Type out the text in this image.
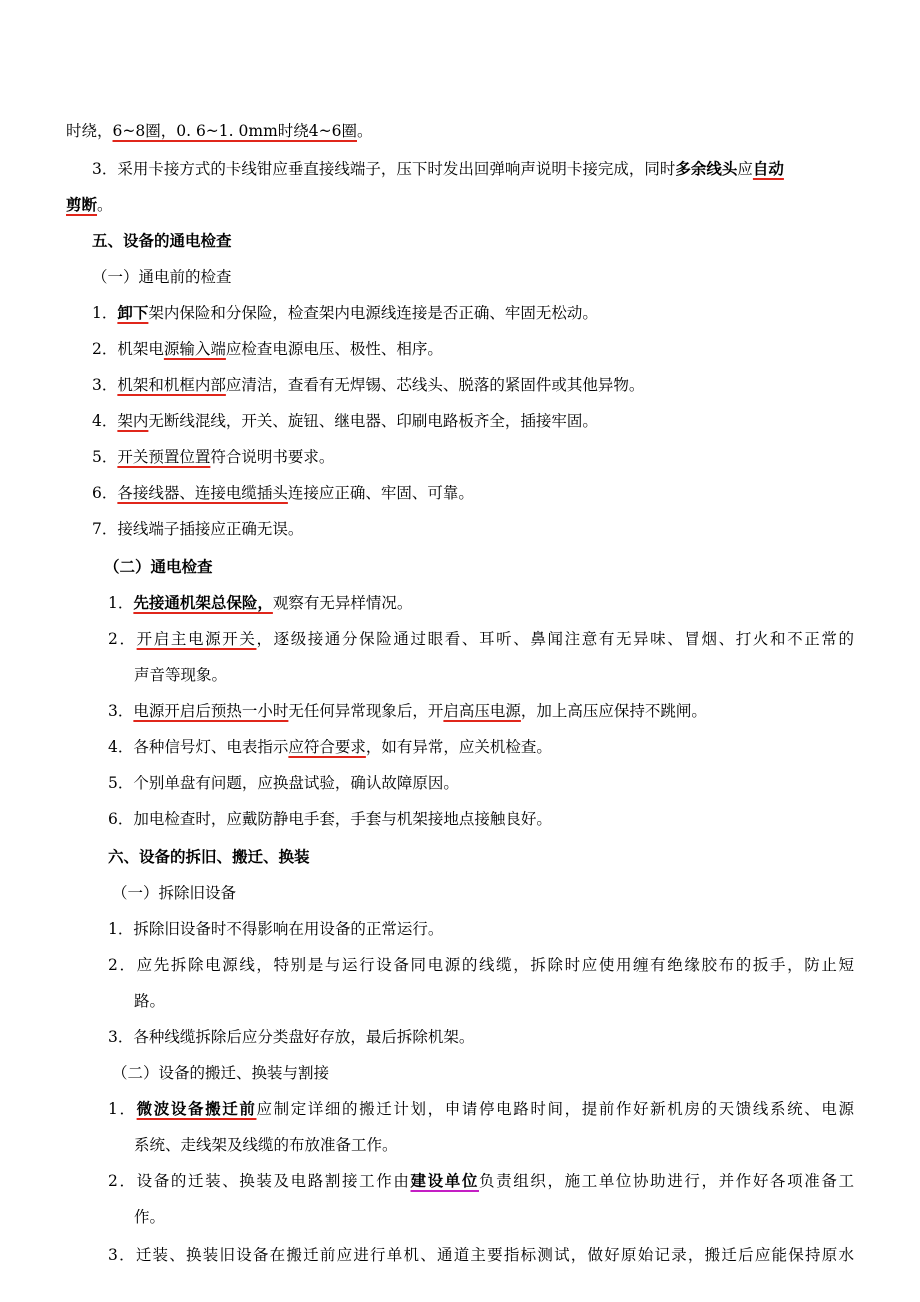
时绕，6~8圈，0. 6~1. 0mm时绕4~6圈。
3．采用卡接方式的卡线钳应垂直接线端子，压下时发出回弹响声说明卡接完成，同时多余线头应自动
剪断。
五、设备的通电检查
（一）通电前的检查
1．卸下架内保险和分保险，检查架内电源线连接是否正确、牢固无松动。
2．机架电源输入端应检查电源电压、极性、相序。
3．机架和机框内部应清洁，查看有无焊锡、芯线头、脱落的紧固件或其他异物。
4．架内无断线混线，开关、旋钮、继电器、印刷电路板齐全，插接牢固。
5．开关预置位置符合说明书要求。
6．各接线器、连接电缆插头连接应正确、牢固、可靠。
7．接线端子插接应正确无误。
（二）通电检查
1．先接通机架总保险，观察有无异样情况。
2．开启主电源开关，逐级接通分保险通过眼看、耳听、鼻闻注意有无异味、冒烟、打火和不正常的
声音等现象。
3．电源开启后预热一小时无任何异常现象后，开启高压电源，加上高压应保持不跳闸。
4．各种信号灯、电表指示应符合要求，如有异常，应关机检查。
5．个别单盘有问题，应换盘试验，确认故障原因。
6．加电检查时，应戴防静电手套，手套与机架接地点接触良好。
六、设备的拆旧、搬迁、换装
（一）拆除旧设备
1．拆除旧设备时不得影响在用设备的正常运行。
2．应先拆除电源线，特别是与运行设备同电源的线缆，拆除时应使用缠有绝缘胶布的扳手，防止短
路。
3．各种线缆拆除后应分类盘好存放，最后拆除机架。
（二）设备的搬迁、换装与割接
1．微波设备搬迁前应制定详细的搬迁计划，申请停电路时间，提前作好新机房的天馈线系统、电源
系统、走线架及线缆的布放准备工作。
2．设备的迁装、换装及电路割接工作由建设单位负责组织，施工单位协助进行，并作好各项准备工
作。
3．迁装、换装旧设备在搬迁前应进行单机、通道主要指标测试，做好原始记录，搬迁后应能保持原水
